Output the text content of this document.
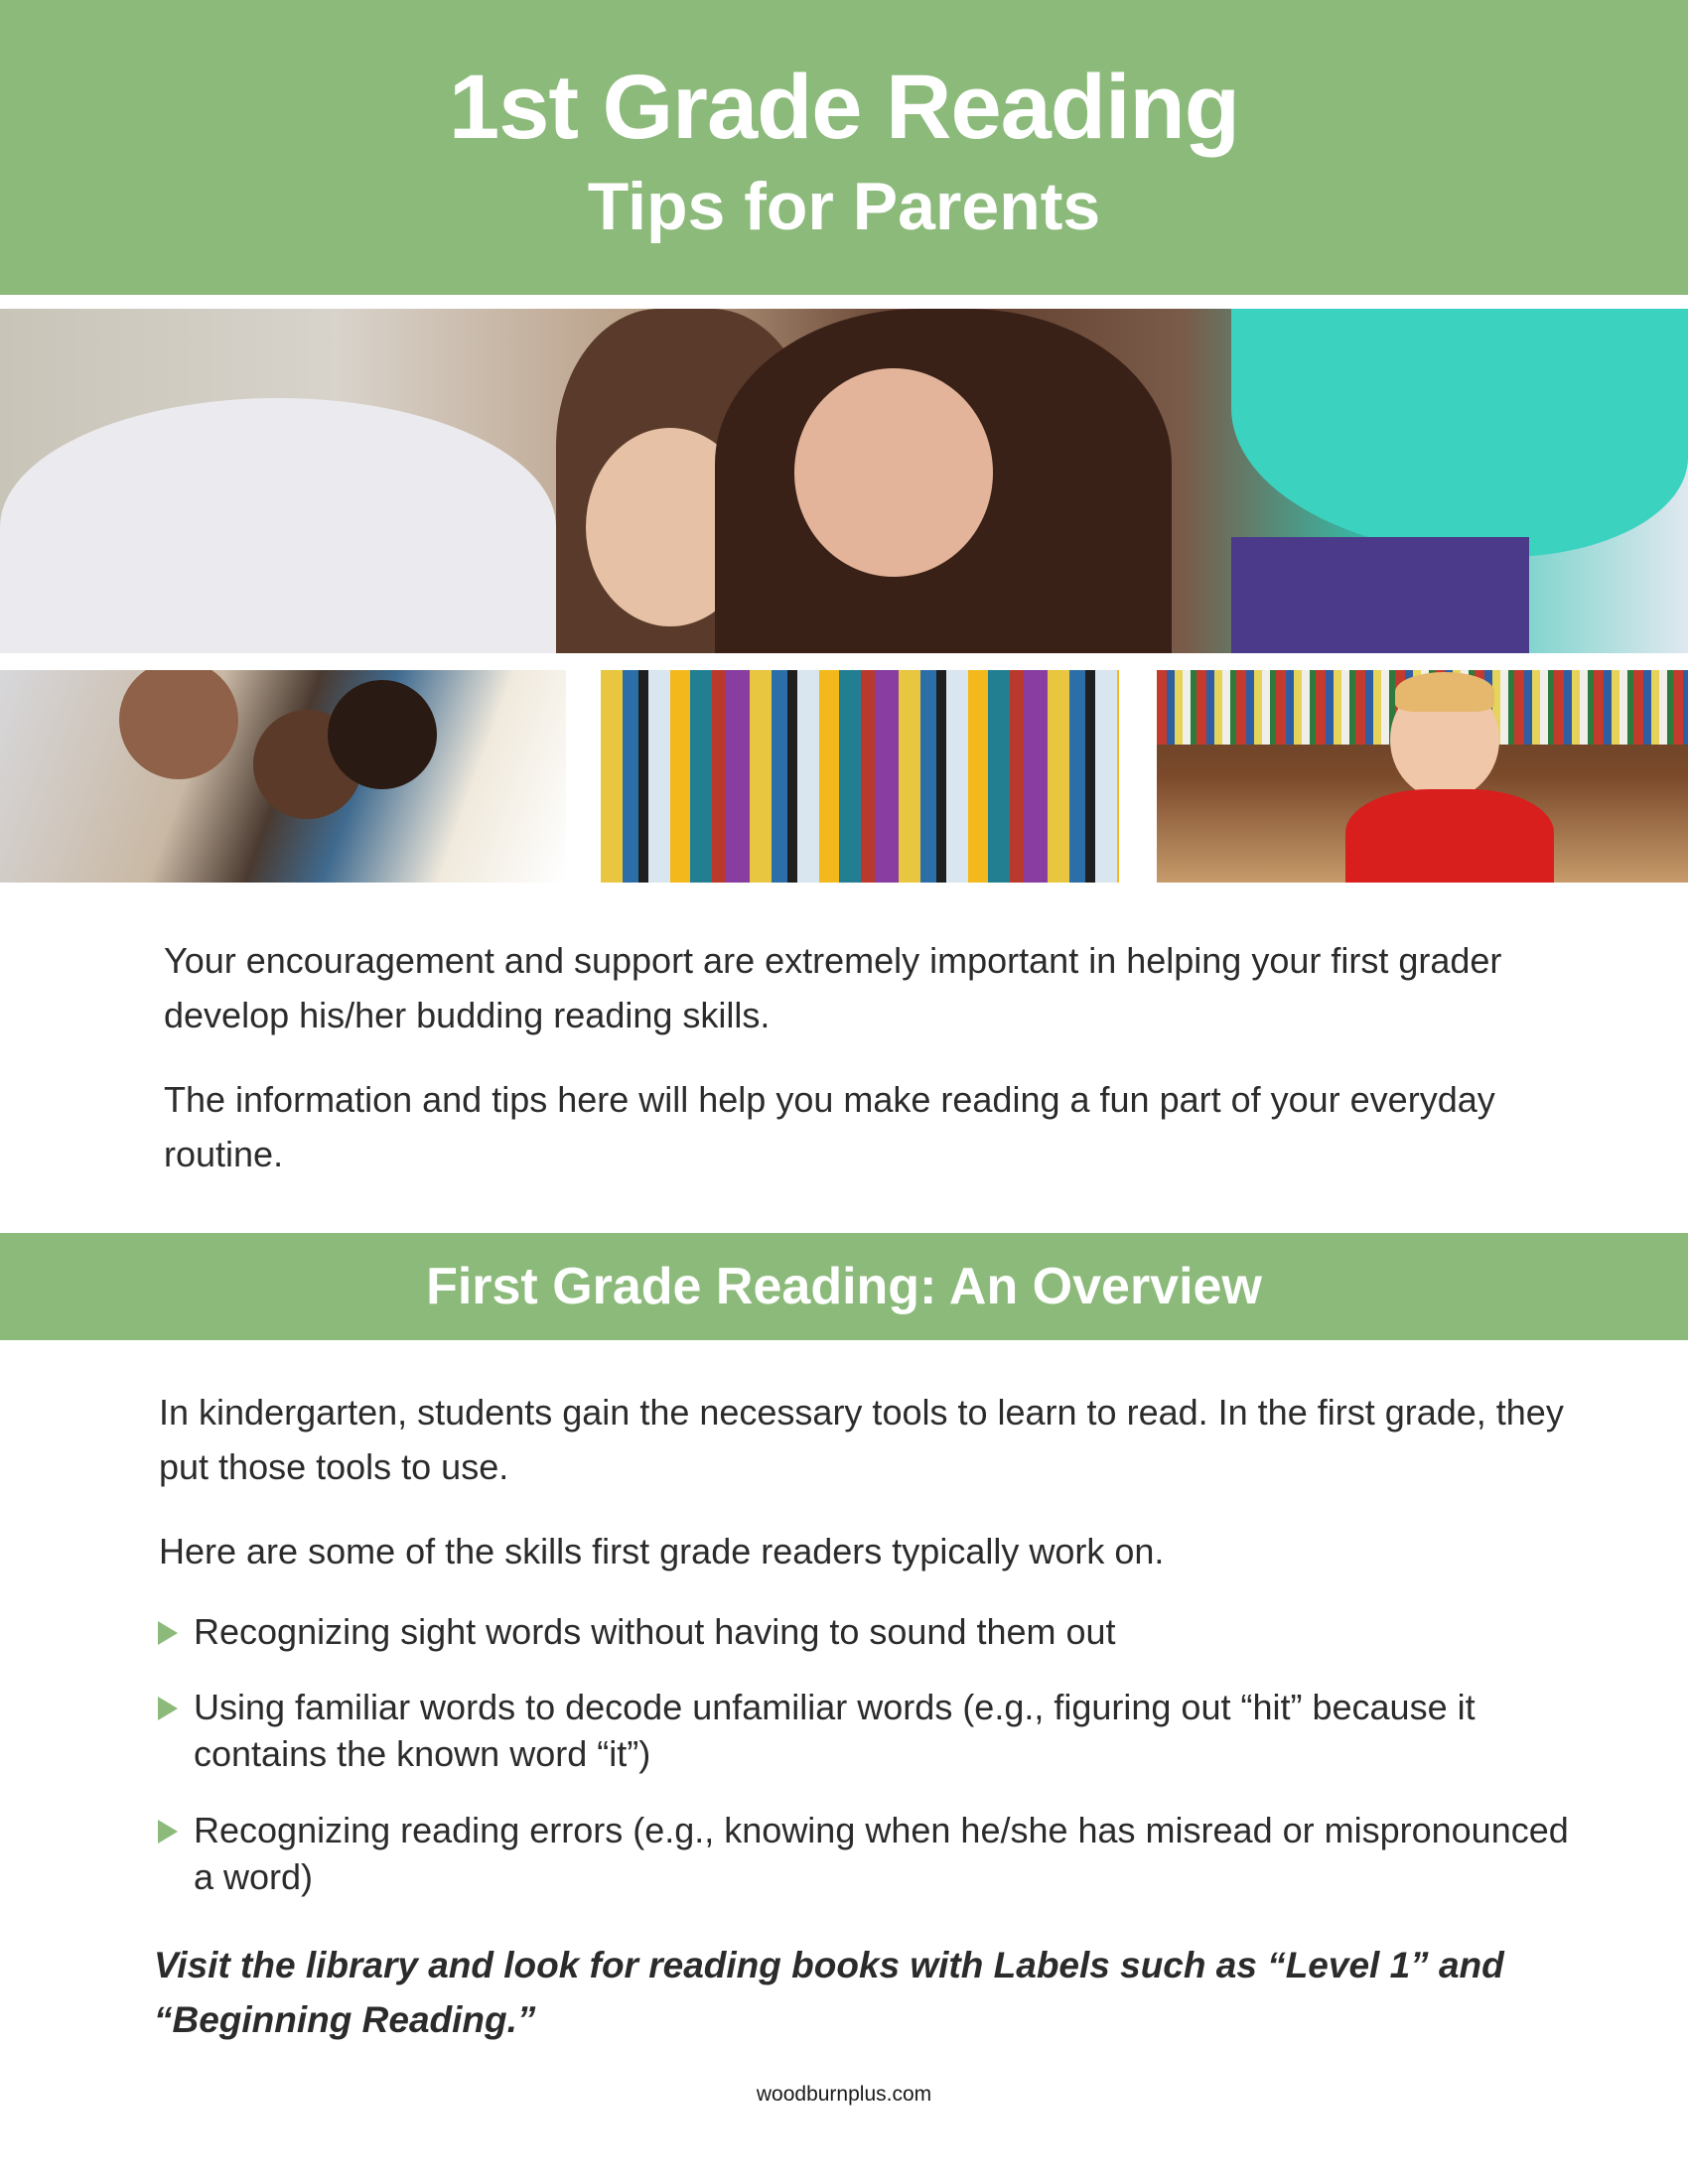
1st Grade Reading
Tips for Parents

Your encouragement and support are extremely important in helping your first grader develop his/her budding reading skills.

The information and tips here will help you make reading a fun part of your everyday routine.

First Grade Reading: An Overview

In kindergarten, students gain the necessary tools to learn to read. In the first grade, they put those tools to use.

Here are some of the skills first grade readers typically work on.

Recognizing sight words without having to sound them out
Using familiar words to decode unfamiliar words (e.g., figuring out “hit” because it contains the known word “it”)
Recognizing reading errors (e.g., knowing when he/she has misread or mispronounced a word)

Visit the library and look for reading books with Labels such as “Level 1” and “Beginning Reading.”

woodburnplus.com
